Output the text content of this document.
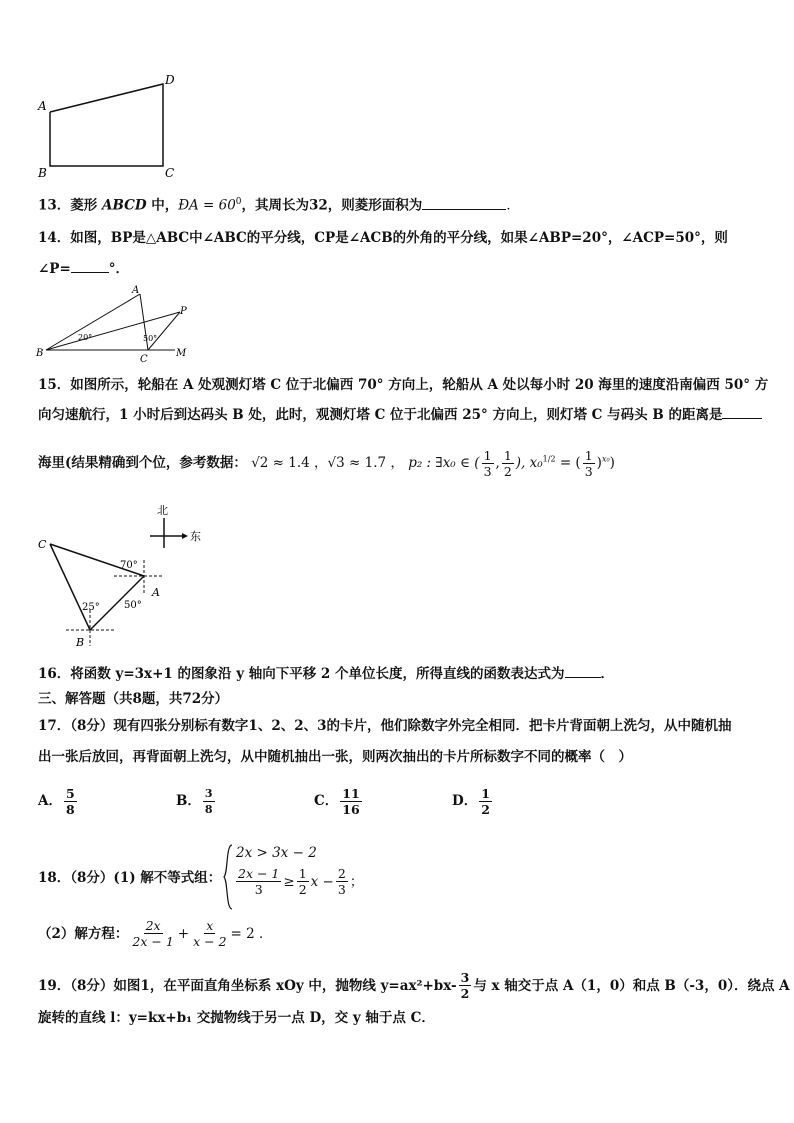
A
D
B	C
13．菱形 ABCD 中，ÐA = $60^0$，其周长为32，则菱形面积为	．
14．如图，BP是△ABC中∠ABC的平分线，CP是∠ACB的外角的平分线，如果∠ABP=20°，∠ACP=50°，则
∠P=	°．
A
B
C
P
M
20°	50°
15．如图所示，轮船在 A 处观测灯塔 C 位于北偏西 70° 方向上，轮船从 A 处以每小时 20 海里的速度沿南偏西 50° 方
向匀速航行，1 小时后到达码头 B 处，此时，观测灯塔 C 位于北偏西 25° 方向上，则灯塔 C 与码头 B 的距离是
海里(结果精确到个位，参考数据： √2 ≈ 1.4 ，√3 ≈ 1.7 ， p₂ : ∃x₀ ∈ ( $\frac{1}{3}$ , $\frac{1}{2}$ ), x₀$^{1/2}$ = ( $\frac{1}{3} )^{x_0}$)
北
东
C
A
B
70°
50°
25°
16．将函数 y=3x+1 的图象沿 y 轴向下平移 2 个单位长度，所得直线的函数表达式为	．
三、解答题（共8题，共72分）
17．（8分）现有四张分别标有数字1、2、2、3的卡片，他们除数字外完全相同．把卡片背面朝上洗匀，从中随机抽
出一张后放回，再背面朝上洗匀，从中随机抽出一张，则两次抽出的卡片所标数字不同的概率（　）
A． $\frac{5}{8}$	B． $\frac{3}{8}$	C． $\frac{11}{16}$	D． $\frac{1}{2}$
18．（8分）(1) 解不等式组：
2x > 3x − 2
$\frac{2x - 1}{3} \ge \frac{1}{2}$ $x - \frac{2}{3}$ ；
（2）解方程： $\frac{2x}{2x - 1} + \frac{x}{x - 2} = 2$ ．
19．（8分）如图1，在平面直角坐标系 xOy 中，抛物线 $y=ax^2+bx- \frac{3}{2}$ 与 x 轴交于点 A（1，0）和点 B（-3，0）．绕点 A
旋转的直线 l：y=kx+b₁ 交抛物线于另一点 D，交 y 轴于点 C．
